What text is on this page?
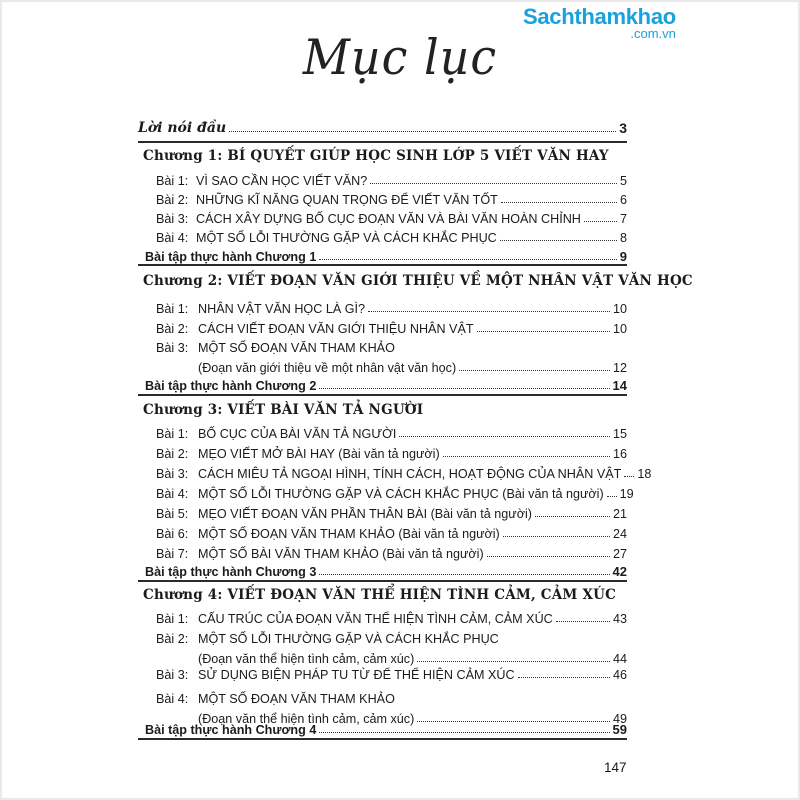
Sachthamkhao
.com.vn
Mục lục
Lời nói đầu	3
Chương 1: BÍ QUYẾT GIÚP HỌC SINH LỚP 5 VIẾT VĂN HAY
Bài 1: VÌ SAO CẦN HỌC VIẾT VĂN?	5
Bài 2: NHỮNG KĨ NĂNG QUAN TRỌNG ĐỂ VIẾT VĂN TỐT	6
Bài 3: CÁCH XÂY DỰNG BỐ CỤC ĐOẠN VĂN VÀ BÀI VĂN HOÀN CHỈNH	7
Bài 4: MỘT SỐ LỖI THƯỜNG GẶP VÀ CÁCH KHẮC PHỤC	8
Bài tập thực hành Chương 1	9
Chương 2: VIẾT ĐOẠN VĂN GIỚI THIỆU VỀ MỘT NHÂN VẬT VĂN HỌC
Bài 1: NHÂN VẬT VĂN HỌC LÀ GÌ?	10
Bài 2: CÁCH VIẾT ĐOẠN VĂN GIỚI THIỆU NHÂN VẬT	10
Bài 3: MỘT SỐ ĐOẠN VĂN THAM KHẢO
(Đoạn văn giới thiệu về một nhân vật văn học)	12
Bài tập thực hành Chương 2	14
Chương 3: VIẾT BÀI VĂN TẢ NGƯỜI
Bài 1: BỐ CỤC CỦA BÀI VĂN TẢ NGƯỜI	15
Bài 2: MẸO VIẾT MỞ BÀI HAY (Bài văn tả người)	16
Bài 3: CÁCH MIÊU TẢ NGOẠI HÌNH, TÍNH CÁCH, HOẠT ĐỘNG CỦA NHÂN VẬT 18
Bài 4: MỘT SỐ LỖI THƯỜNG GẶP VÀ CÁCH KHẮC PHỤC (Bài văn tả người) 19
Bài 5: MẸO VIẾT ĐOẠN VĂN PHẦN THÂN BÀI (Bài văn tả người)	21
Bài 6: MỘT SỐ ĐOẠN VĂN THAM KHẢO (Bài văn tả người)	24
Bài 7: MỘT SỐ BÀI VĂN THAM KHẢO (Bài văn tả người)	27
Bài tập thực hành Chương 3	42
Chương 4: VIẾT ĐOẠN VĂN THỂ HIỆN TÌNH CẢM, CẢM XÚC
Bài 1: CẤU TRÚC CỦA ĐOẠN VĂN THỂ HIỆN TÌNH CẢM, CẢM XÚC	43
Bài 2: MỘT SỐ LỖI THƯỜNG GẶP VÀ CÁCH KHẮC PHỤC
(Đoạn văn thể hiện tình cảm, cảm xúc)	44
Bài 3: SỬ DỤNG BIỆN PHÁP TU TỪ ĐỂ THỂ HIỆN CẢM XÚC	46
Bài 4: MỘT SỐ ĐOẠN VĂN THAM KHẢO
(Đoạn văn thể hiện tình cảm, cảm xúc)	49
Bài tập thực hành Chương 4	59
147
